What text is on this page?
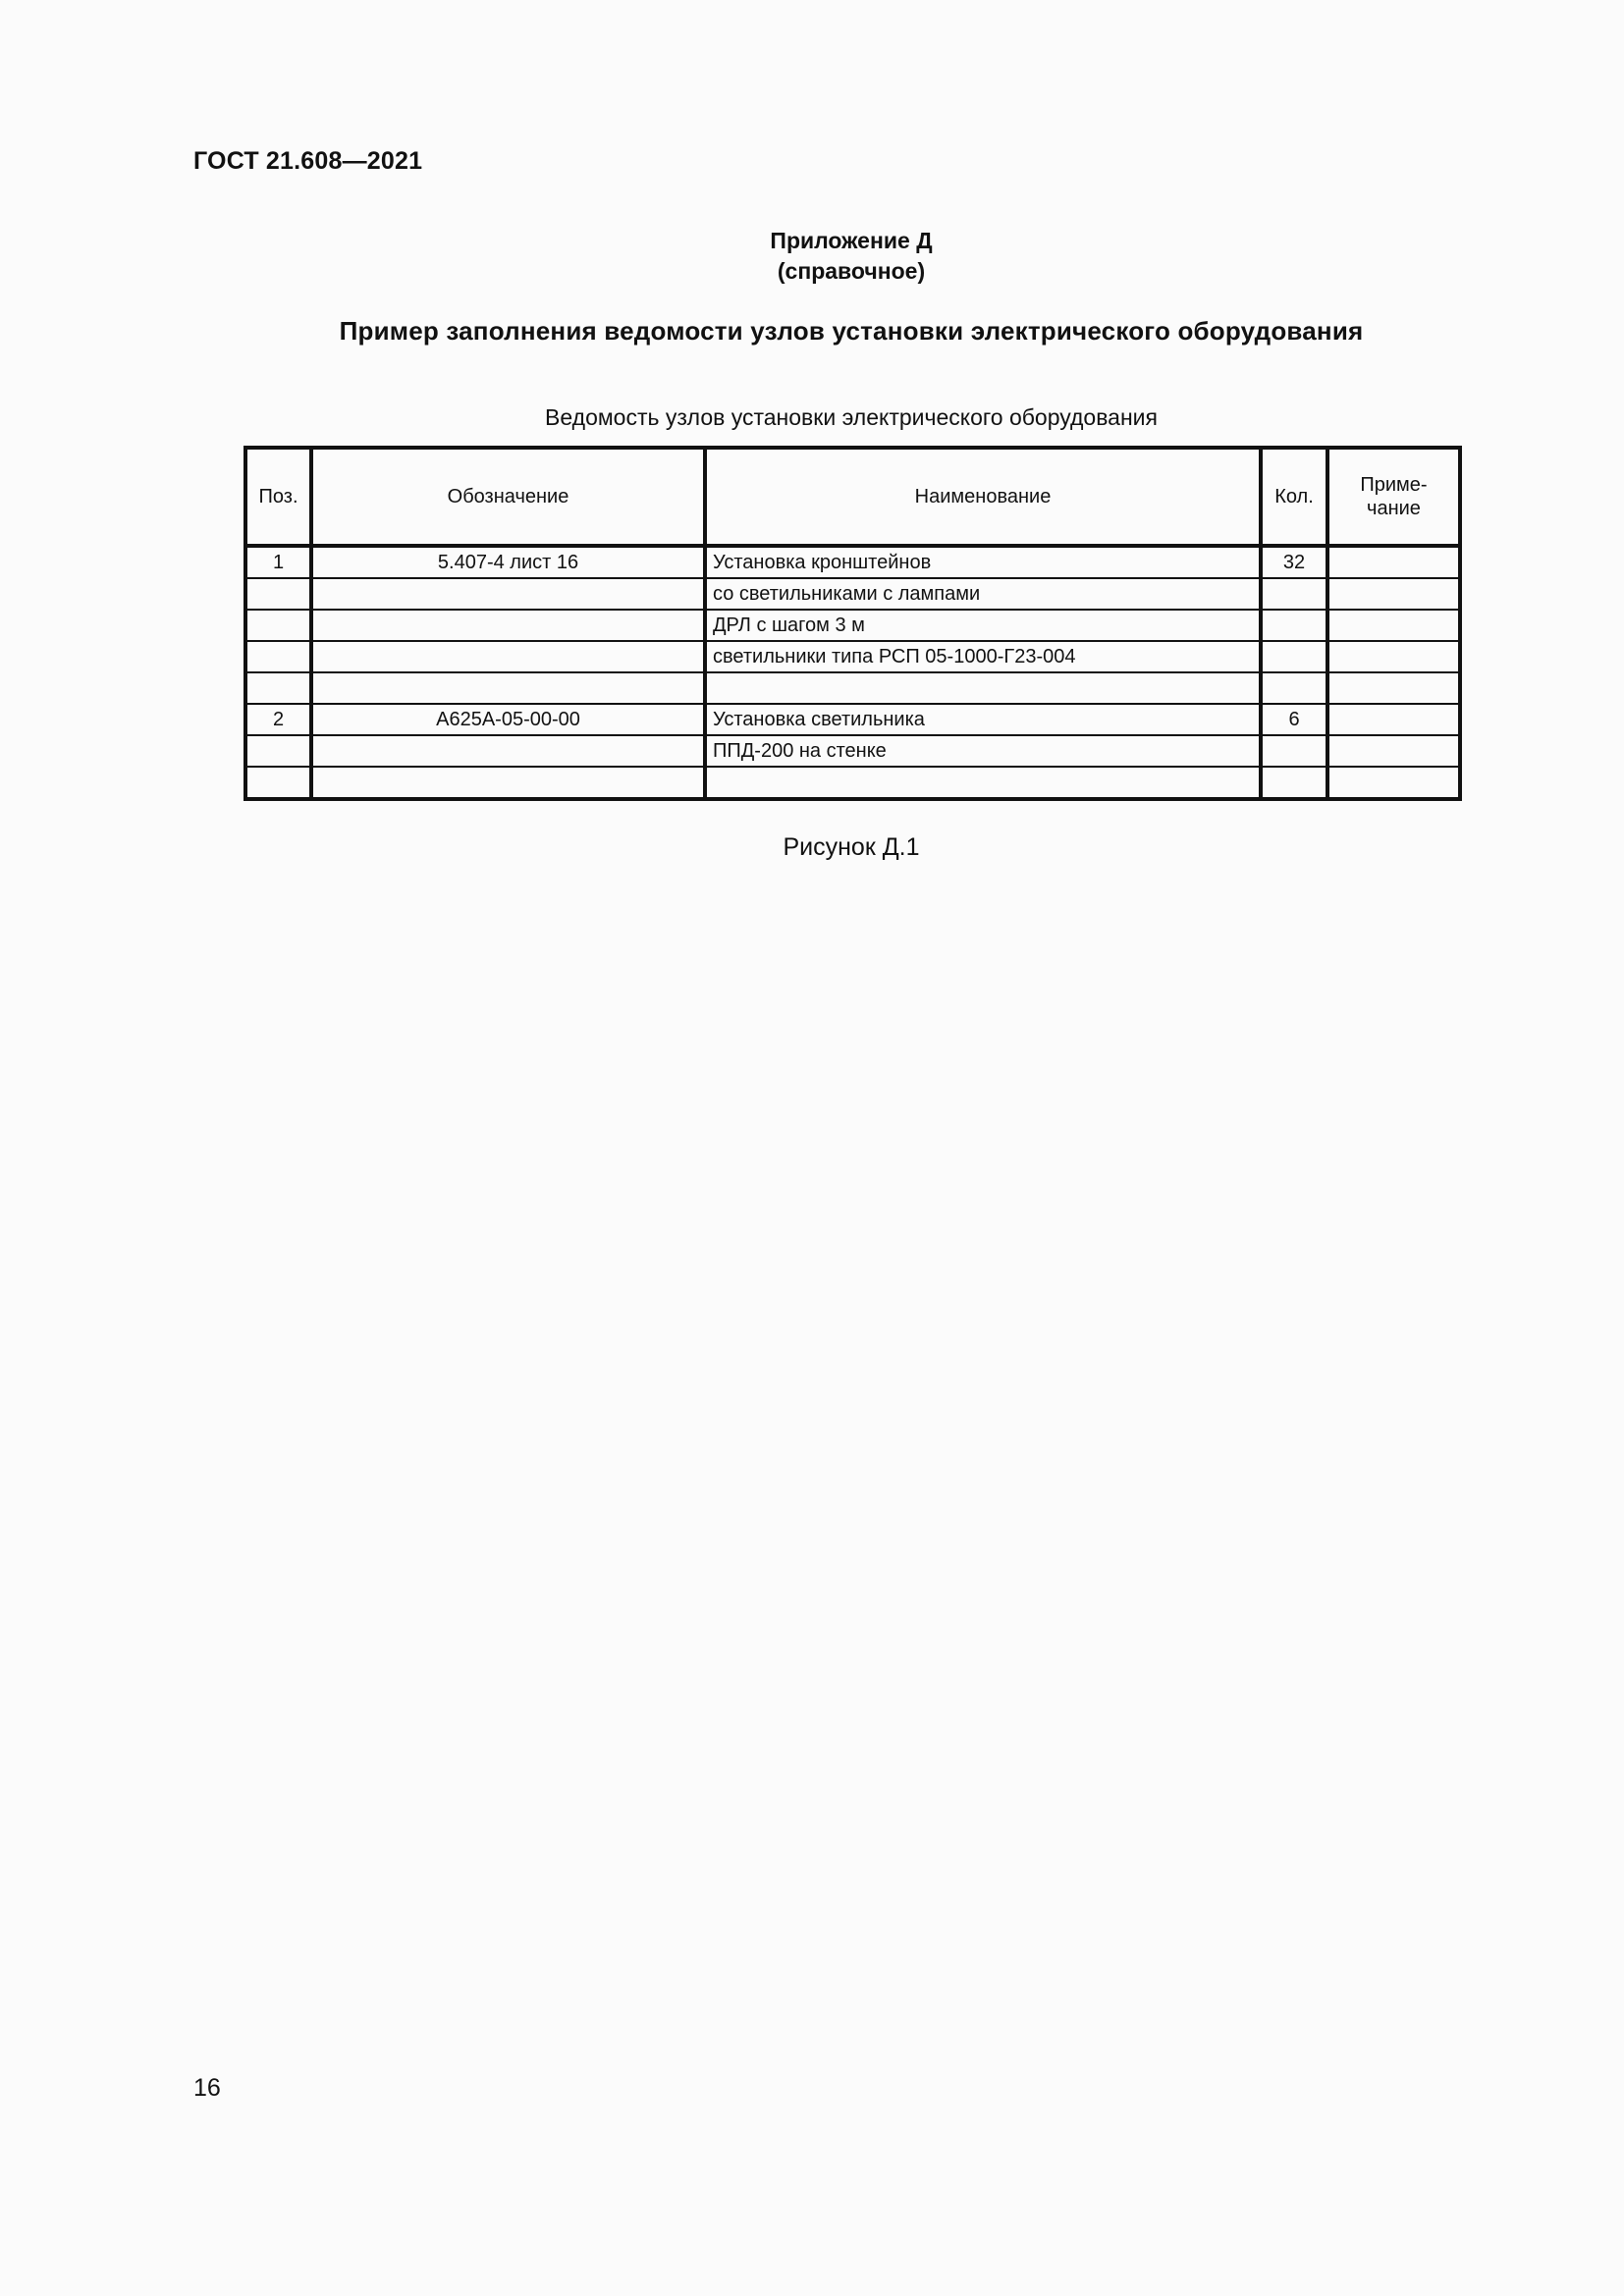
ГОСТ 21.608—2021
Приложение Д
(справочное)
Пример заполнения ведомости узлов установки электрического оборудования
Ведомость узлов установки электрического оборудования
Поз.	Обозначение	Наименование	Кол.	Приме-
чание
1	5.407-4 лист 16	Установка кронштейнов	32	
		со светильниками с лампами		
		ДРЛ с шагом 3 м		
		светильники типа РСП 05-1000-Г23-004		

2	А625А-05-00-00	Установка светильника	6	
		ППД-200 на стенке		

Рисунок Д.1
16
